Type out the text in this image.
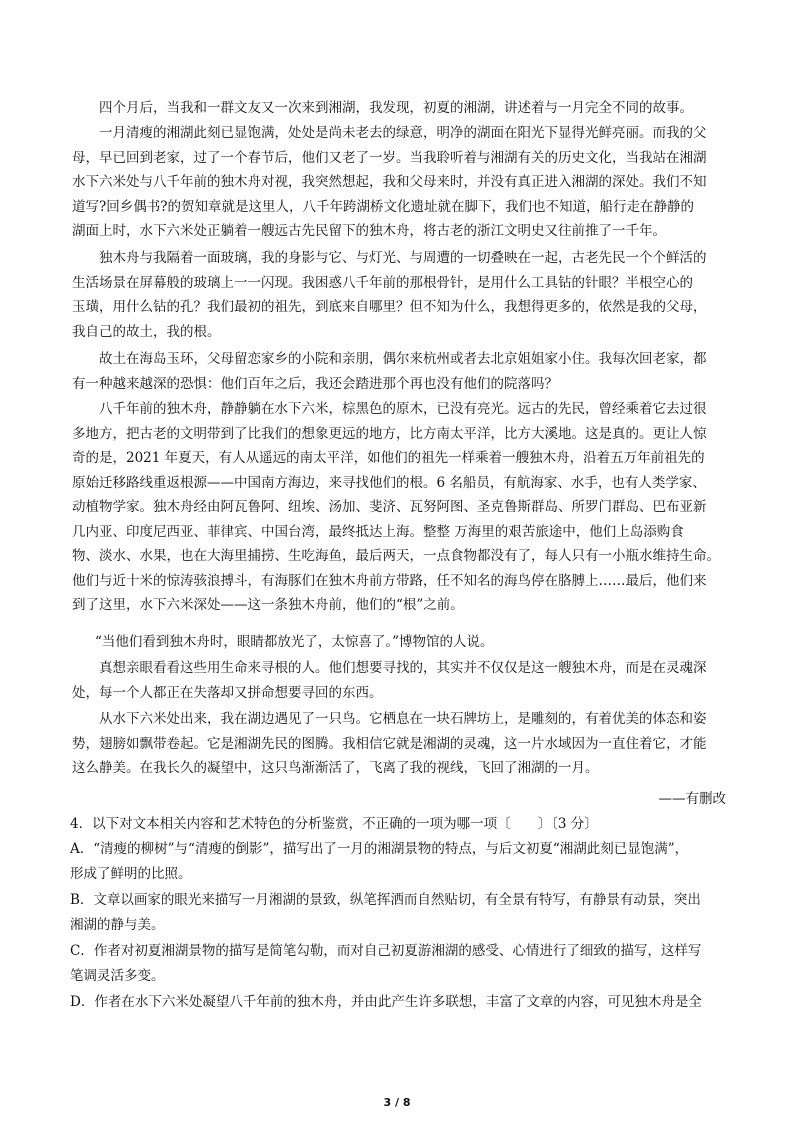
四个月后，当我和一群文友又一次来到湘湖，我发现，初夏的湘湖，讲述着与一月完全不同的故事。
一月清瘦的湘湖此刻已显饱满，处处是尚未老去的绿意，明净的湖面在阳光下显得光鲜亮丽。而我的父
母，早已回到老家，过了一个春节后，他们又老了一岁。当我聆听着与湘湖有关的历史文化，当我站在湘湖
水下六米处与八千年前的独木舟对视，我突然想起，我和父母来时，并没有真正进入湘湖的深处。我们不知
道写?回乡偶书?的贺知章就是这里人，八千年跨湖桥文化遗址就在脚下，我们也不知道，船行走在静静的
湖面上时，水下六米处正躺着一艘远古先民留下的独木舟，将古老的浙江文明史又往前推了一千年。
独木舟与我隔着一面玻璃，我的身影与它、与灯光、与周遭的一切叠映在一起，古老先民一个个鲜活的
生活场景在屏幕般的玻璃上一一闪现。我困惑八千年前的那根骨针，是用什么工具钻的针眼？半根空心的
玉璜，用什么钻的孔？我们最初的祖先，到底来自哪里？但不知为什么，我想得更多的，依然是我的父母，
我自己的故土，我的根。
故土在海岛玉环，父母留恋家乡的小院和亲朋，偶尔来杭州或者去北京姐姐家小住。我每次回老家，都
有一种越来越深的恐惧：他们百年之后，我还会踏进那个再也没有他们的院落吗？
八千年前的独木舟，静静躺在水下六米，棕黑色的原木，已没有亮光。远古的先民，曾经乘着它去过很
多地方，把古老的文明带到了比我们的想象更远的地方，比方南太平洋，比方大溪地。这是真的。更让人惊
奇的是，2021 年夏天，有人从遥远的南太平洋，如他们的祖先一样乘着一艘独木舟，沿着五万年前祖先的
原始迁移路线重返根源——中国南方海边，来寻找他们的根。6 名船员，有航海家、水手，也有人类学家、
动植物学家。独木舟经由阿瓦鲁阿、纽埃、汤加、斐济、瓦努阿图、圣克鲁斯群岛、所罗门群岛、巴布亚新
几内亚、印度尼西亚、菲律宾、中国台湾，最终抵达上海。整整 万海里的艰苦旅途中，他们上岛添购食
物、淡水、水果，也在大海里捕捞、生吃海鱼，最后两天，一点食物都没有了，每人只有一小瓶水维持生命。
他们与近十米的惊涛骇浪搏斗，有海豚们在独木舟前方带路，任不知名的海鸟停在胳膊上……最后，他们来
到了这里，水下六米深处——这一条独木舟前，他们的“根”之前。
“当他们看到独木舟时，眼睛都放光了，太惊喜了。”博物馆的人说。
真想亲眼看看这些用生命来寻根的人。他们想要寻找的，其实并不仅仅是这一艘独木舟，而是在灵魂深
处，每一个人都正在失落却又拼命想要寻回的东西。
从水下六米处出来，我在湖边遇见了一只鸟。它栖息在一块石牌坊上，是雕刻的，有着优美的体态和姿
势，翅膀如飘带卷起。它是湘湖先民的图腾。我相信它就是湘湖的灵魂，这一片水域因为一直住着它，才能
这么静美。在我长久的凝望中，这只鸟渐渐活了，飞离了我的视线，飞回了湘湖的一月。
——有删改
4．以下对文本相关内容和艺术特色的分析鉴赏，不正确的一项为哪一项〔　　〕〔3 分〕
A．“清瘦的柳树”与“清瘦的倒影”，描写出了一月的湘湖景物的特点，与后文初夏“湘湖此刻已显饱满”，
形成了鲜明的比照。
B．文章以画家的眼光来描写一月湘湖的景致，纵笔挥洒而自然贴切，有全景有特写，有静景有动景，突出
湘湖的静与美。
C．作者对初夏湘湖景物的描写是简笔勾勒，而对自己初夏游湘湖的感受、心情进行了细致的描写，这样写
笔调灵活多变。
D．作者在水下六米处凝望八千年前的独木舟，并由此产生许多联想，丰富了文章的内容，可见独木舟是全
3 / 8
